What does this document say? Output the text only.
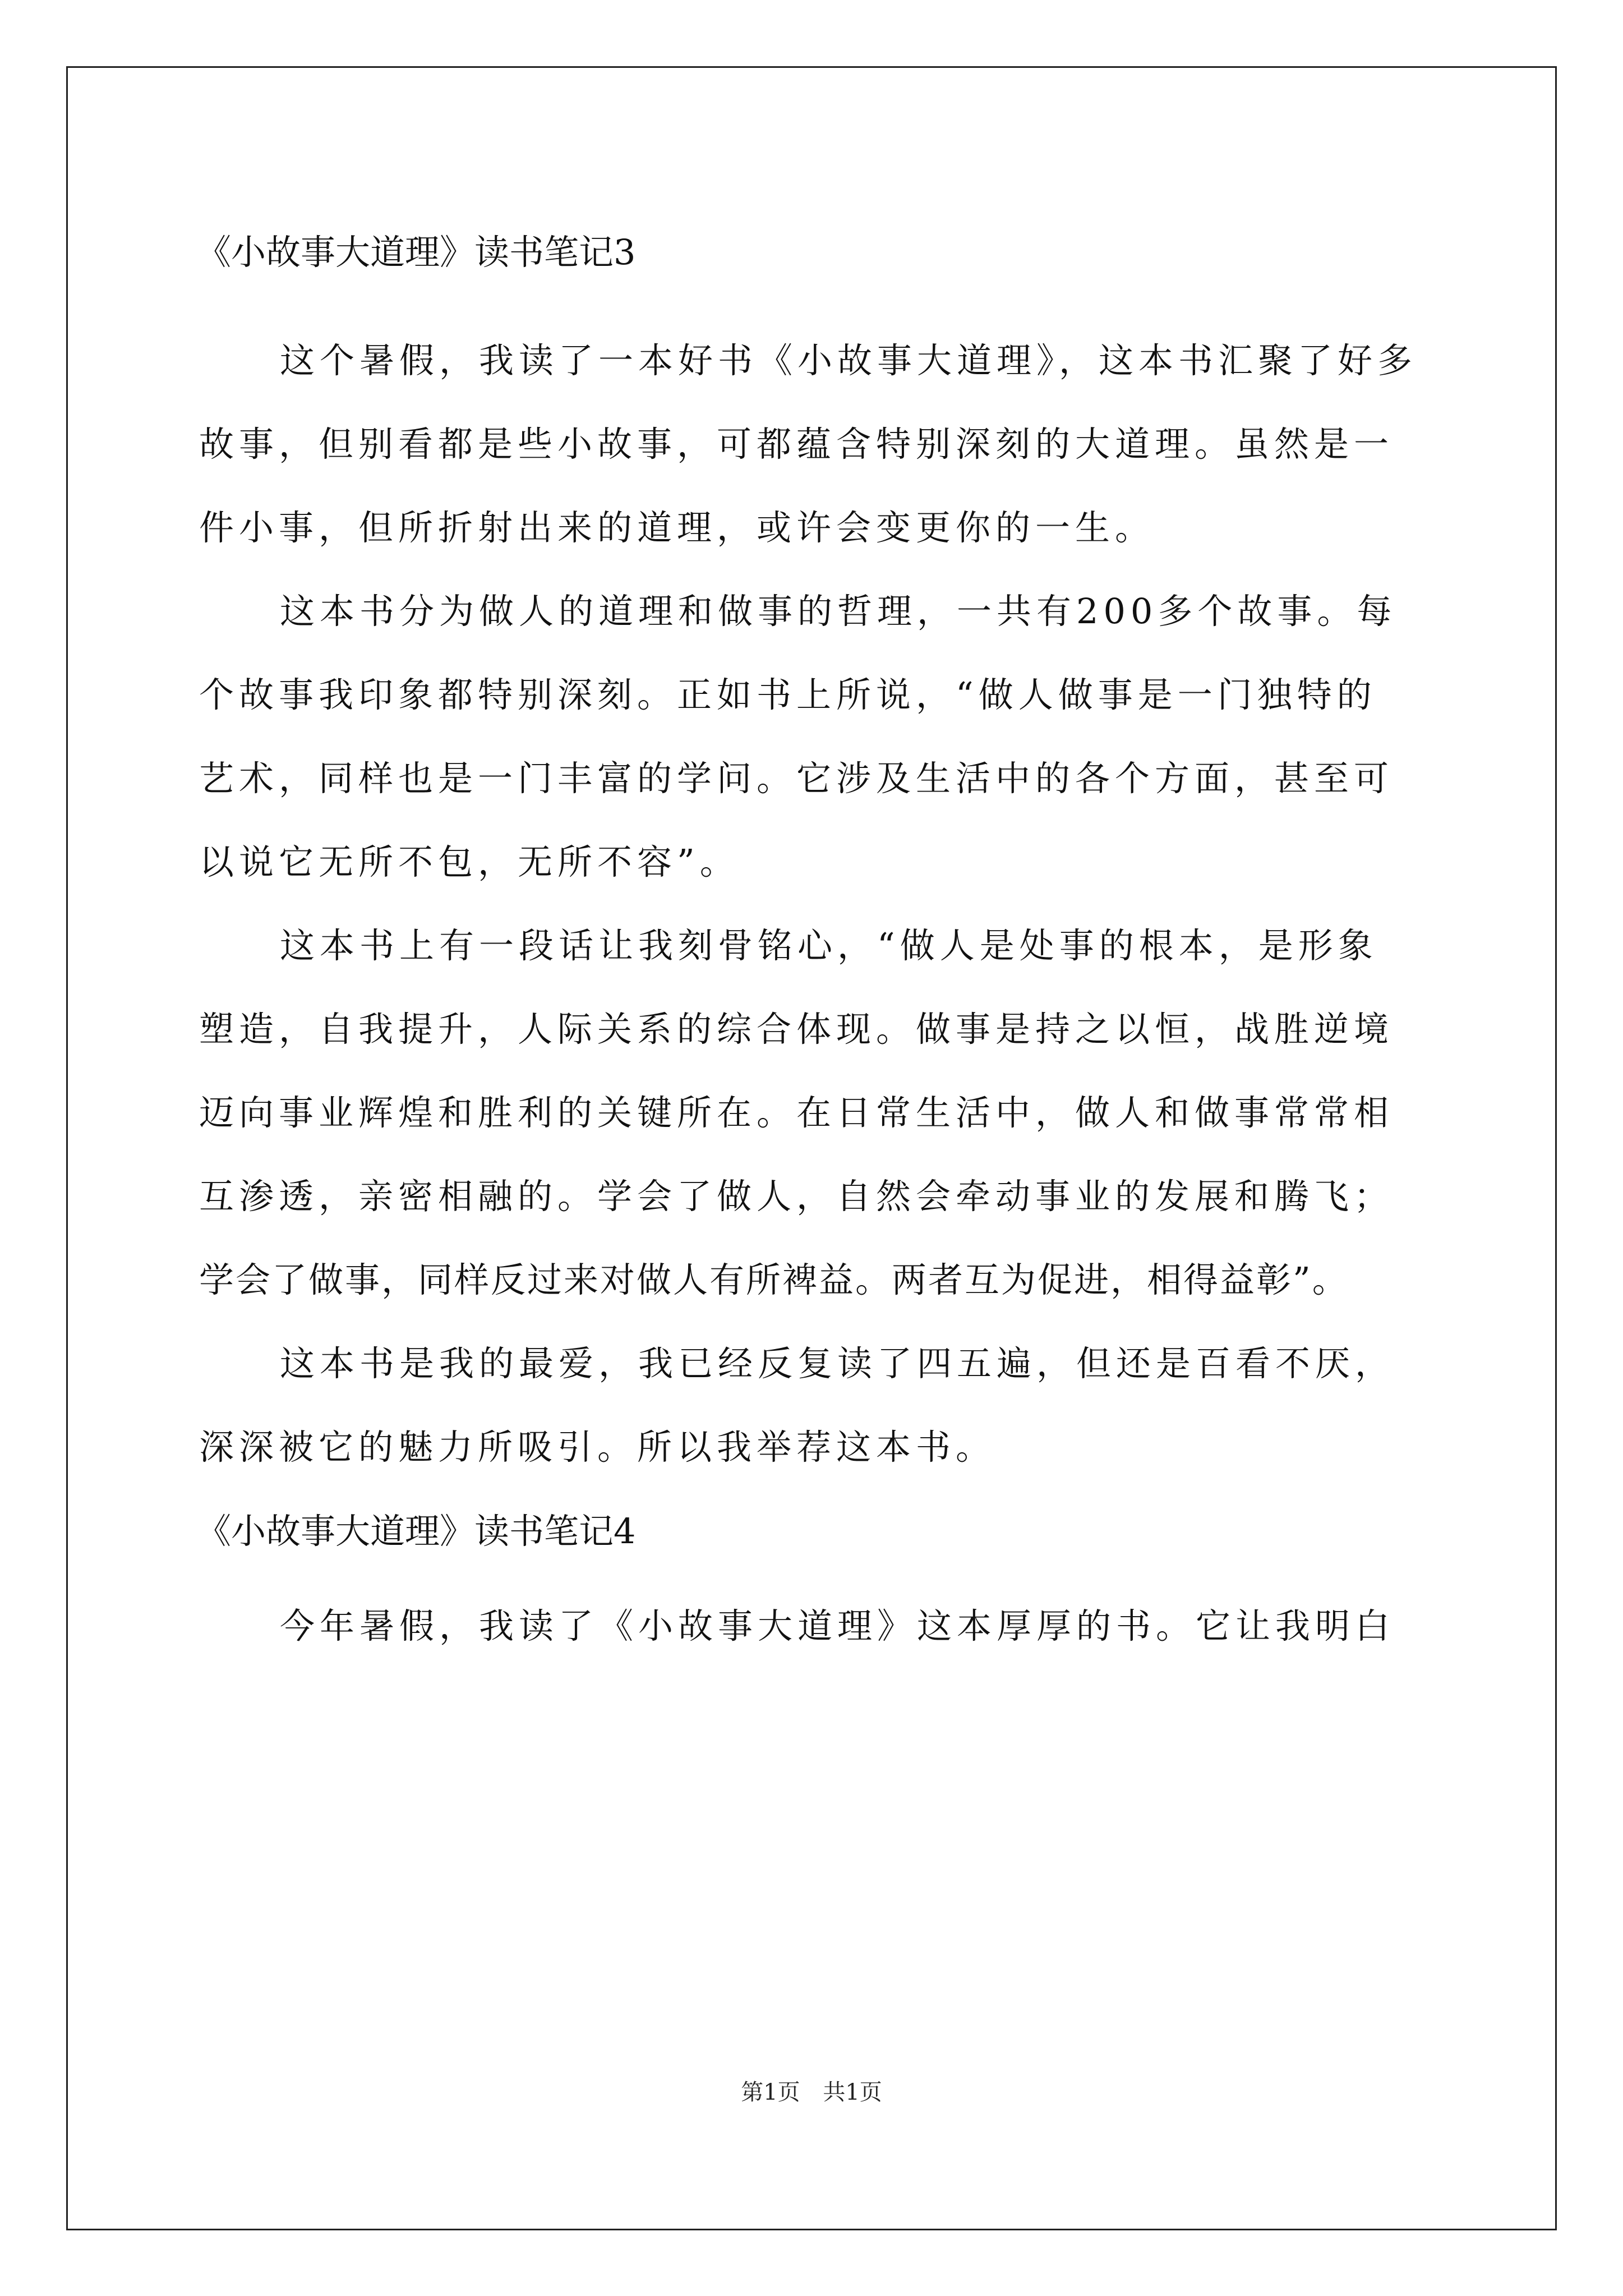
《小故事大道理》读书笔记3
这个暑假，我读了一本好书《小故事大道理》，这本书汇聚了好多
故事，但别看都是些小故事，可都蕴含特别深刻的大道理。虽然是一
件小事，但所折射出来的道理，或许会变更你的一生。
这本书分为做人的道理和做事的哲理，一共有200多个故事。每
个故事我印象都特别深刻。正如书上所说，“做人做事是一门独特的
艺术，同样也是一门丰富的学问。它涉及生活中的各个方面，甚至可
以说它无所不包，无所不容”。
这本书上有一段话让我刻骨铭心，“做人是处事的根本，是形象
塑造，自我提升，人际关系的综合体现。做事是持之以恒，战胜逆境
迈向事业辉煌和胜利的关键所在。在日常生活中，做人和做事常常相
互渗透，亲密相融的。学会了做人，自然会牵动事业的发展和腾飞；
学会了做事，同样反过来对做人有所裨益。两者互为促进，相得益彰”。
这本书是我的最爱，我已经反复读了四五遍，但还是百看不厌，
深深被它的魅力所吸引。所以我举荐这本书。
《小故事大道理》读书笔记4
今年暑假，我读了《小故事大道理》这本厚厚的书。它让我明白
第1页 共1页
